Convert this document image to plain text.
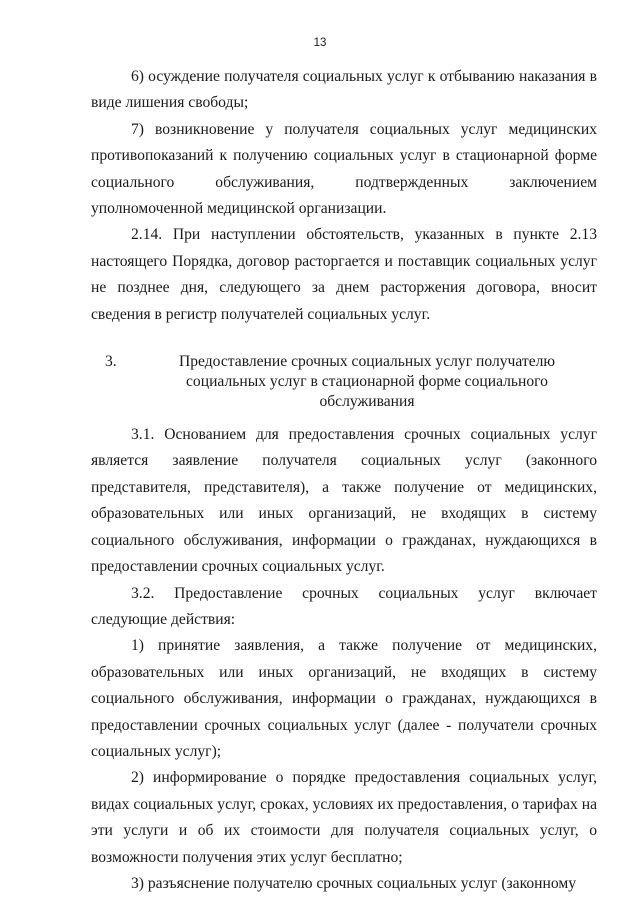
13

6) осуждение получателя социальных услуг к отбыванию наказания в виде лишения свободы;

7) возникновение у получателя социальных услуг медицинских противопоказаний к получению социальных услуг в стационарной форме социального обслуживания, подтвержденных заключением уполномоченной медицинской организации.

2.14. При наступлении обстоятельств, указанных в пункте 2.13 настоящего Порядка, договор расторгается и поставщик социальных услуг не позднее дня, следующего за днем расторжения договора, вносит сведения в регистр получателей социальных услуг.

3.	Предоставление срочных социальных услуг получателю социальных услуг в стационарной форме социального обслуживания

3.1. Основанием для предоставления срочных социальных услуг является заявление получателя социальных услуг (законного представителя, представителя), а также получение от медицинских, образовательных или иных организаций, не входящих в систему социального обслуживания, информации о гражданах, нуждающихся в предоставлении срочных социальных услуг.

3.2. Предоставление срочных социальных услуг включает следующие действия:

1) принятие заявления, а также получение от медицинских, образовательных или иных организаций, не входящих в систему социального обслуживания, информации о гражданах, нуждающихся в предоставлении срочных социальных услуг (далее - получатели срочных социальных услуг);

2) информирование о порядке предоставления социальных услуг, видах социальных услуг, сроках, условиях их предоставления, о тарифах на эти услуги и об их стоимости для получателя социальных услуг, о возможности получения этих услуг бесплатно;

3) разъяснение получателю срочных социальных услуг (законному
